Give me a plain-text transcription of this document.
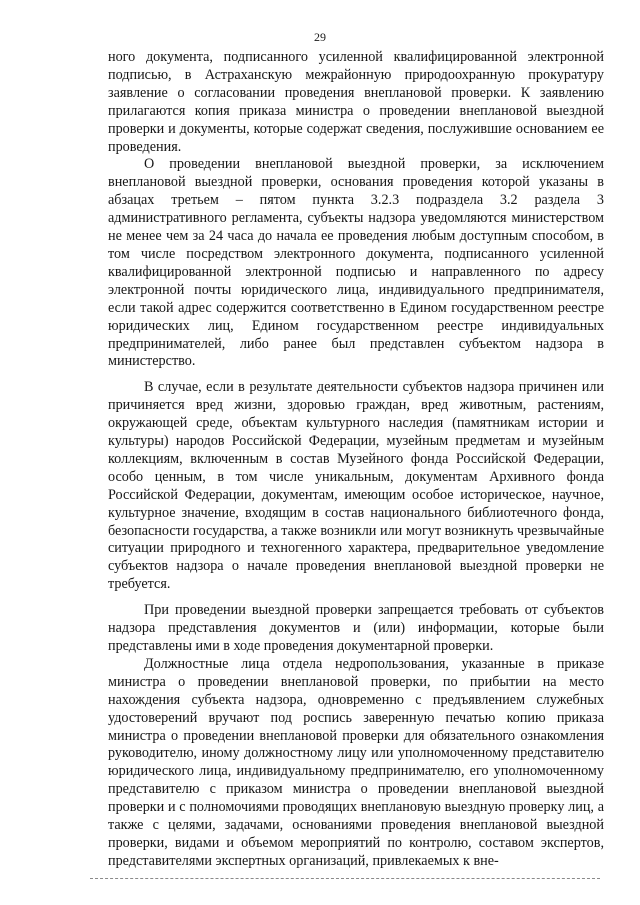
29

ного документа, подписанного усиленной квалифицированной электронной подписью, в Астраханскую межрайонную природоохранную прокуратуру заявление о согласовании проведения внеплановой проверки. К заявлению прилагаются копия приказа министра о проведении внеплановой выездной проверки и документы, которые содержат сведения, послужившие основанием ее проведения.

О проведении внеплановой выездной проверки, за исключением внеплановой выездной проверки, основания проведения которой указаны в абзацах третьем – пятом пункта 3.2.3 подраздела 3.2 раздела 3 административного регламента, субъекты надзора уведомляются министерством не менее чем за 24 часа до начала ее проведения любым доступным способом, в том числе посредством электронного документа, подписанного усиленной квалифицированной электронной подписью и направленного по адресу электронной почты юридического лица, индивидуального предпринимателя, если такой адрес содержится соответственно в Едином государственном реестре юридических лиц, Едином государственном реестре индивидуальных предпринимателей, либо ранее был представлен субъектом надзора в министерство.

В случае, если в результате деятельности субъектов надзора причинен или причиняется вред жизни, здоровью граждан, вред животным, растениям, окружающей среде, объектам культурного наследия (памятникам истории и культуры) народов Российской Федерации, музейным предметам и музейным коллекциям, включенным в состав Музейного фонда Российской Федерации, особо ценным, в том числе уникальным, документам Архивного фонда Российской Федерации, документам, имеющим особое историческое, научное, культурное значение, входящим в состав национального библиотечного фонда, безопасности государства, а также возникли или могут возникнуть чрезвычайные ситуации природного и техногенного характера, предварительное уведомление субъектов надзора о начале проведения внеплановой выездной проверки не требуется.

При проведении выездной проверки запрещается требовать от субъектов надзора представления документов и (или) информации, которые были представлены ими в ходе проведения документарной проверки.

Должностные лица отдела недропользования, указанные в приказе министра о проведении внеплановой проверки, по прибытии на место нахождения субъекта надзора, одновременно с предъявлением служебных удостоверений вручают под роспись заверенную печатью копию приказа министра о проведении внеплановой проверки для обязательного ознакомления руководителю, иному должностному лицу или уполномоченному представителю юридического лица, индивидуальному предпринимателю, его уполномоченному представителю с приказом министра о проведении внеплановой выездной проверки и с полномочиями проводящих внеплановую выездную проверку лиц, а также с целями, задачами, основаниями проведения внеплановой выездной проверки, видами и объемом мероприятий по контролю, составом экспертов, представителями экспертных организаций, привлекаемых к вне-
